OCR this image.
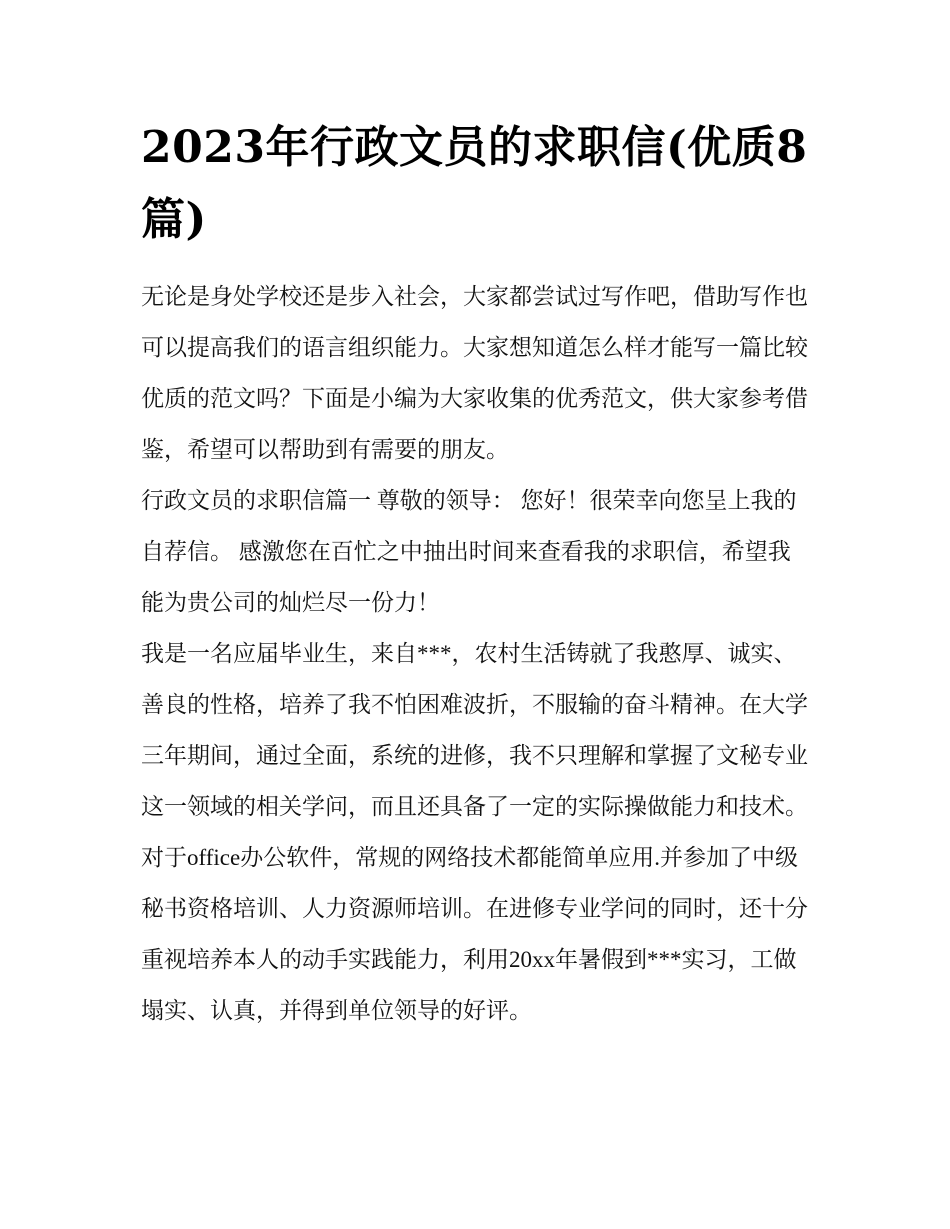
2023年行政文员的求职信(优质8篇)

无论是身处学校还是步入社会，大家都尝试过写作吧，借助写作也可以提高我们的语言组织能力。大家想知道怎么样才能写一篇比较优质的范文吗？下面是小编为大家收集的优秀范文，供大家参考借鉴，希望可以帮助到有需要的朋友。

行政文员的求职信篇一 尊敬的领导： 您好！很荣幸向您呈上我的自荐信。 感激您在百忙之中抽出时间来查看我的求职信，希望我能为贵公司的灿烂尽一份力！

我是一名应届毕业生，来自***，农村生活铸就了我憨厚、诚实、善良的性格，培养了我不怕困难波折，不服输的奋斗精神。在大学三年期间，通过全面，系统的进修，我不只理解和掌握了文秘专业这一领域的相关学问，而且还具备了一定的实际操做能力和技术。对于office办公软件，常规的网络技术都能简单应用.并参加了中级秘书资格培训、人力资源师培训。在进修专业学问的同时，还十分重视培养本人的动手实践能力，利用20xx年暑假到***实习，工做塌实、认真，并得到单位领导的好评。
